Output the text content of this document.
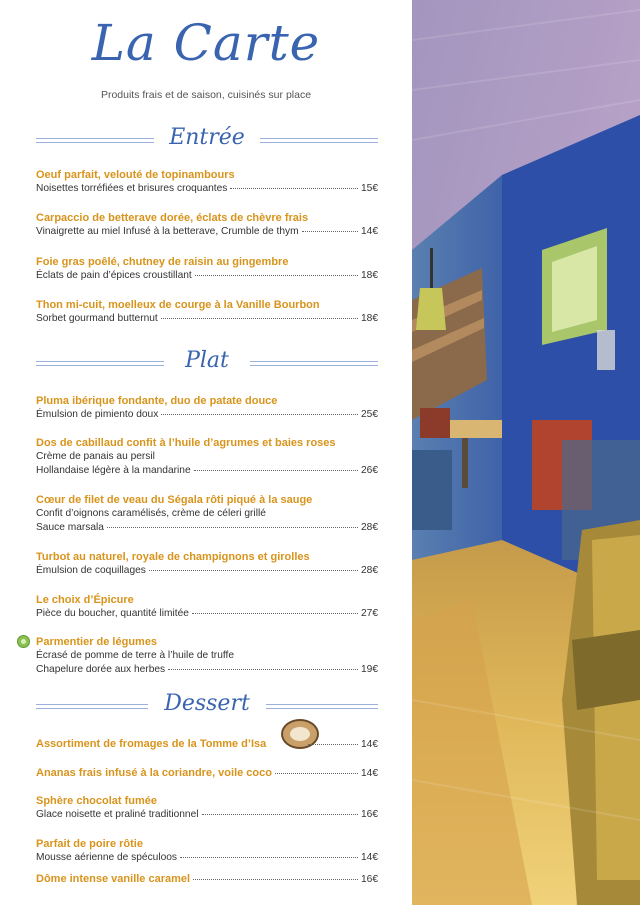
La Carte
Produits frais et de saison, cuisinés sur place
Entrée
Oeuf parfait, velouté de topinambours
Noisettes torréfiées et brisures croquantes	15€
Carpaccio de betterave dorée, éclats de chèvre frais
Vinaigrette au miel Infusé à la betterave, Crumble de thym	14€
Foie gras poêlé, chutney de raisin au gingembre
Éclats de pain d’épices croustillant	18€
Thon mi-cuit, moelleux de courge à la Vanille Bourbon
Sorbet gourmand butternut	18€
Plat
Pluma ibérique fondante, duo de patate douce
Émulsion de pimiento doux	25€
Dos de cabillaud confit à l’huile d’agrumes et baies roses
Crème de panais au persil
Hollandaise légère à la mandarine	26€
Cœur de filet de veau du Ségala rôti piqué à la sauge
Confit d’oignons caramélisés, crème de céleri grillé
Sauce marsala	28€
Turbot au naturel, royale de champignons et girolles
Émulsion de coquillages	28€
Le choix d’Épicure
Pièce du boucher, quantité limitée	27€
Parmentier de légumes
Écrasé de pomme de terre à l’huile de truffe
Chapelure dorée aux herbes	19€
Dessert
Assortiment de fromages de la Tomme d’Isa	14€
Ananas frais infusé à la coriandre, voile coco	14€
Sphère chocolat fumée
Glace noisette et praliné traditionnel	16€
Parfait de poire rôtie
Mousse aérienne de spéculoos	14€
Dôme intense vanille caramel	16€
